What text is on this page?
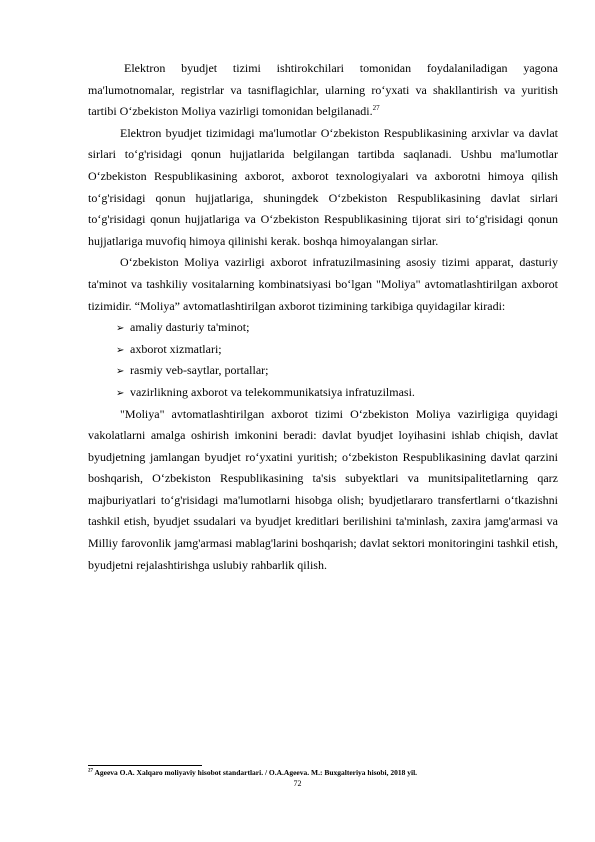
Elektron byudjet tizimi ishtirokchilari tomonidan foydalaniladigan yagona ma'lumotnomalar, registrlar va tasniflagichlar, ularning ro‘yxati va shakllantirish va yuritish tartibi O‘zbekiston Moliya vazirligi tomonidan belgilanadi.$^{27}$

Elektron byudjet tizimidagi ma'lumotlar O‘zbekiston Respublikasining arxivlar va davlat sirlari to‘g'risidagi qonun hujjatlarida belgilangan tartibda saqlanadi. Ushbu ma'lumotlar O‘zbekiston Respublikasining axborot, axborot texnologiyalari va axborotni himoya qilish to‘g'risidagi qonun hujjatlariga, shuningdek O‘zbekiston Respublikasining davlat sirlari to‘g'risidagi qonun hujjatlariga va O‘zbekiston Respublikasining tijorat siri to‘g'risidagi qonun hujjatlariga muvofiq himoya qilinishi kerak. boshqa himoyalangan sirlar.

O‘zbekiston Moliya vazirligi axborot infratuzilmasining asosiy tizimi apparat, dasturiy ta'minot va tashkiliy vositalarning kombinatsiyasi bo‘lgan "Moliya" avtomatlashtirilgan axborot tizimidir. “Moliya” avtomatlashtirilgan axborot tizimining tarkibiga quyidagilar kiradi:

➢ amaliy dasturiy ta'minot;
➢ axborot xizmatlari;
➢ rasmiy veb-saytlar, portallar;
➢ vazirlikning axborot va telekommunikatsiya infratuzilmasi.

"Moliya" avtomatlashtirilgan axborot tizimi O‘zbekiston Moliya vazirligiga quyidagi vakolatlarni amalga oshirish imkonini beradi: davlat byudjet loyihasini ishlab chiqish, davlat byudjetning jamlangan byudjet ro‘yxatini yuritish; o‘zbekiston Respublikasining davlat qarzini boshqarish, O‘zbekiston Respublikasining ta'sis subyektlari va munitsipalitetlarning qarz majburiyatlari to‘g'risidagi ma'lumotlarni hisobga olish; byudjetlararo transfertlarni o‘tkazishni tashkil etish, byudjet ssudalari va byudjet kreditlari berilishini ta'minlash, zaxira jamg'armasi va Milliy farovonlik jamg'armasi mablag'larini boshqarish; davlat sektori monitoringini tashkil etish, byudjetni rejalashtirishga uslubiy rahbarlik qilish.

$^{27}$ Ageeva O.A. Xalqaro moliyaviy hisobot standartlari. / O.A.Ageeva. M.: Buxgalteriya hisobi, 2018 yil.
72
